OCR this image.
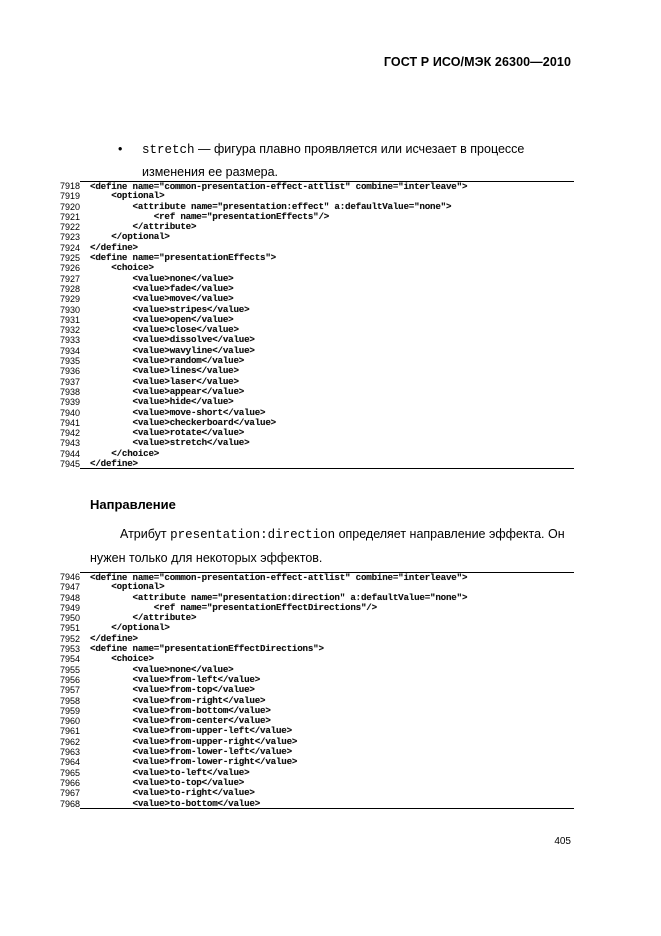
ГОСТ Р ИСО/МЭК 26300—2010
•	stretch — фигура плавно проявляется или исчезает в процессе
изменения ее размера.
7918	<define name="common-presentation-effect-attlist" combine="interleave">
7919	<optional>
7920	<attribute name="presentation:effect" a:defaultValue="none">
7921	<ref name="presentationEffects"/>
7922	</attribute>
7923	</optional>
7924	</define>
7925	<define name="presentationEffects">
7926	<choice>
7927	<value>none</value>
7928	<value>fade</value>
7929	<value>move</value>
7930	<value>stripes</value>
7931	<value>open</value>
7932	<value>close</value>
7933	<value>dissolve</value>
7934	<value>wavyline</value>
7935	<value>random</value>
7936	<value>lines</value>
7937	<value>laser</value>
7938	<value>appear</value>
7939	<value>hide</value>
7940	<value>move-short</value>
7941	<value>checkerboard</value>
7942	<value>rotate</value>
7943	<value>stretch</value>
7944	</choice>
7945	</define>
Направление
Атрибут presentation:direction определяет направление эффекта. Он
нужен только для некоторых эффектов.
7946	<define name="common-presentation-effect-attlist" combine="interleave">
7947	<optional>
7948	<attribute name="presentation:direction" a:defaultValue="none">
7949	<ref name="presentationEffectDirections"/>
7950	</attribute>
7951	</optional>
7952	</define>
7953	<define name="presentationEffectDirections">
7954	<choice>
7955	<value>none</value>
7956	<value>from-left</value>
7957	<value>from-top</value>
7958	<value>from-right</value>
7959	<value>from-bottom</value>
7960	<value>from-center</value>
7961	<value>from-upper-left</value>
7962	<value>from-upper-right</value>
7963	<value>from-lower-left</value>
7964	<value>from-lower-right</value>
7965	<value>to-left</value>
7966	<value>to-top</value>
7967	<value>to-right</value>
7968	<value>to-bottom</value>
405
